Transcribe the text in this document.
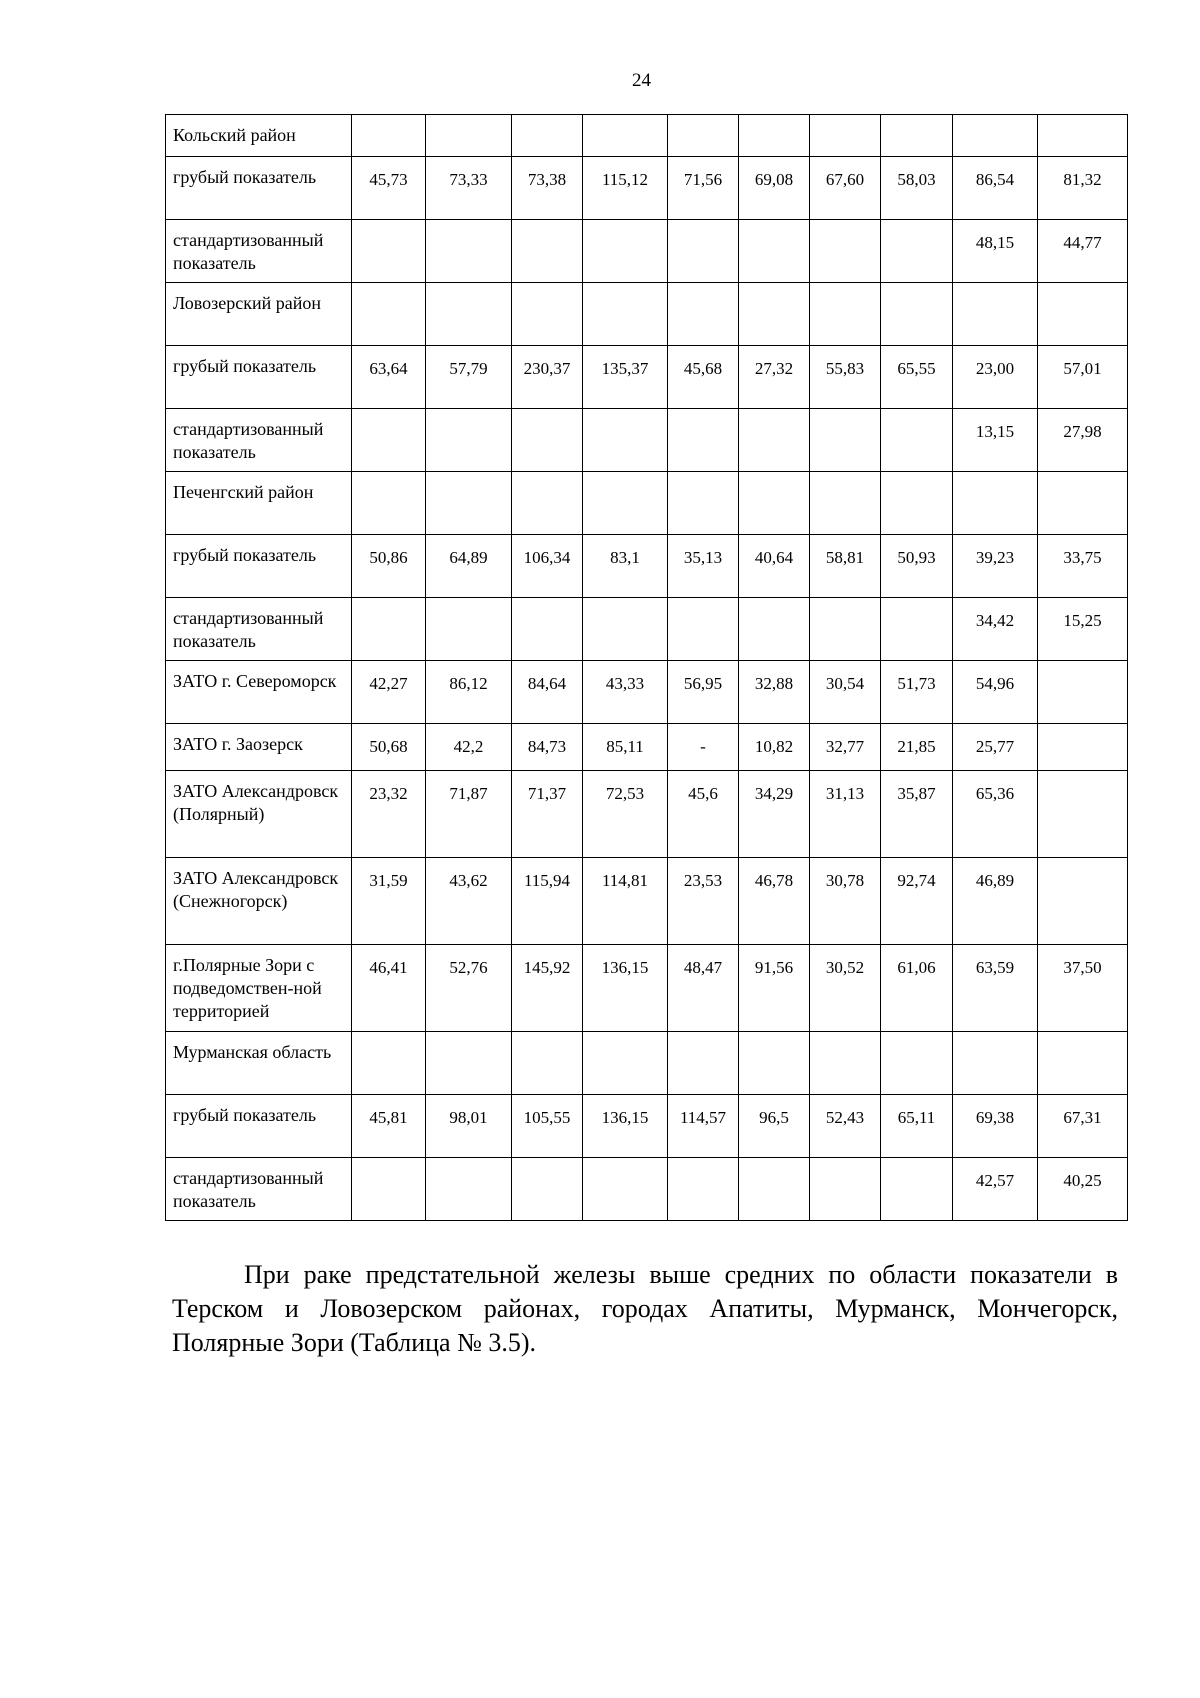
24
Кольский район										
грубый показатель	45,73	73,33	73,38	115,12	71,56	69,08	67,60	58,03	86,54	81,32
стандартизованный показатель									48,15	44,77
Ловозерский район										
грубый показатель	63,64	57,79	230,37	135,37	45,68	27,32	55,83	65,55	23,00	57,01
стандартизованный показатель									13,15	27,98
Печенгский район										
грубый показатель	50,86	64,89	106,34	83,1	35,13	40,64	58,81	50,93	39,23	33,75
стандартизованный показатель									34,42	15,25
ЗАТО г. Североморск	42,27	86,12	84,64	43,33	56,95	32,88	30,54	51,73	54,96	
ЗАТО г. Заозерск	50,68	42,2	84,73	85,11	-	10,82	32,77	21,85	25,77	
ЗАТО Александровск (Полярный)	23,32	71,87	71,37	72,53	45,6	34,29	31,13	35,87	65,36	
ЗАТО Александровск (Снежногорск)	31,59	43,62	115,94	114,81	23,53	46,78	30,78	92,74	46,89	
г.Полярные Зори с подведомствен-ной территорией	46,41	52,76	145,92	136,15	48,47	91,56	30,52	61,06	63,59	37,50
Мурманская область										
грубый показатель	45,81	98,01	105,55	136,15	114,57	96,5	52,43	65,11	69,38	67,31
стандартизованный показатель									42,57	40,25
При раке предстательной железы выше средних по области показатели в Терском и Ловозерском районах, городах Апатиты, Мурманск, Мончегорск, Полярные Зори (Таблица № 3.5).
